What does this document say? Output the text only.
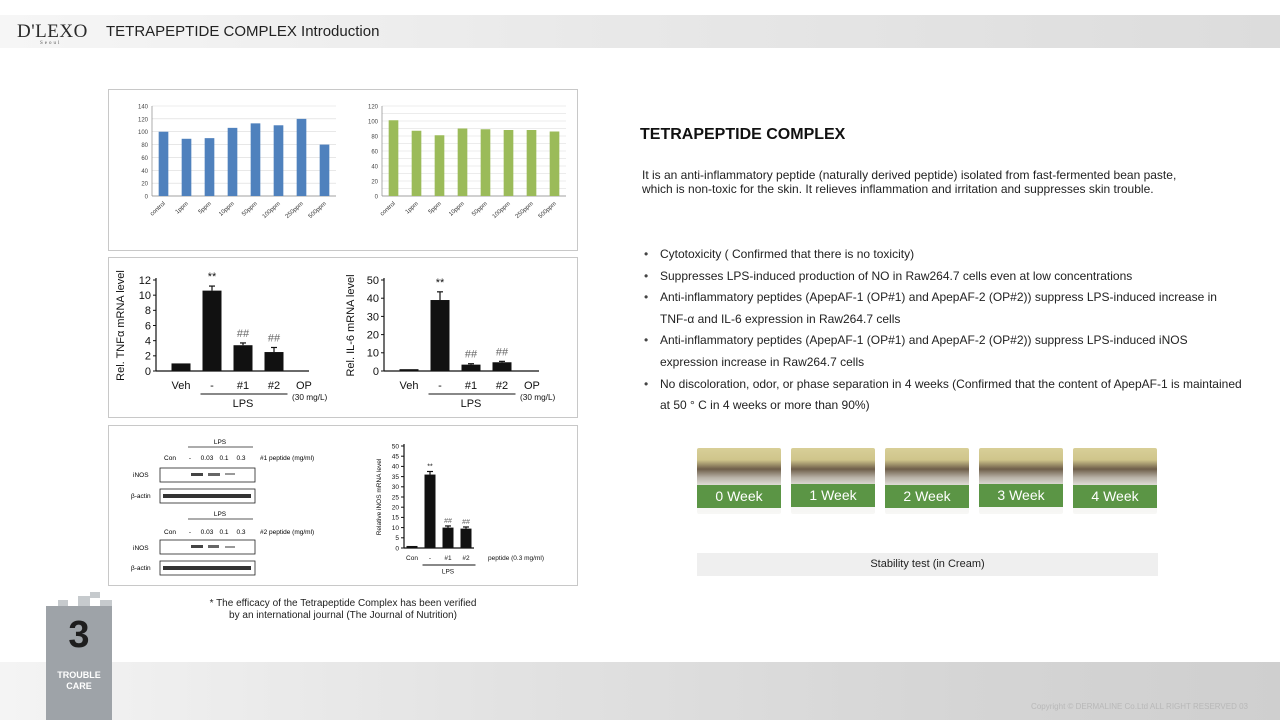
D'LEXO
Seoul
TETRAPEPTIDE COMPLEX Introduction
0
20
40
60
80
100
120
140
control 1ppm 5ppm 10ppm 50ppm 100ppm 250ppm 500ppm
0
20
40
60
80
100
120
control 1ppm 5ppm 10ppm 50ppm 100ppm 250ppm 500ppm
0
2
4
6
8
10
12
Rel. TNFα mRNA level
Veh
**
-
##
#1
##
#2
LPS
OP
(30 mg/L)
0
10
20
30
40
50
Rel. IL-6 mRNA level
Veh
**
-
##
#1
##
#2
LPS
OP
(30 mg/L)
LPS
Con - 0.03 0.1 0.3 #1 peptide (mg/ml)
iNOS
β-actin
LPS
Con - 0.03 0.1 0.3 #2 peptide (mg/ml)
iNOS
β-actin
0
5
10
15
20
25
30
35
40
45
50
Relative iNOS mRNA level
Con
**
-
##
#1
##
#2
LPS
peptide (0.3 mg/ml)
* The efficacy of the Tetrapeptide Complex has been verified
by an international journal (The Journal of Nutrition)
Copyright © DERMALINE Co.Ltd ALL RIGHT RESERVED 03
3
TROUBLE
CARE
TETRAPEPTIDE COMPLEX
It is an anti-inflammatory peptide (naturally derived peptide) isolated from fast-fermented bean paste, which is non-toxic for the skin. It relieves inflammation and irritation and suppresses skin trouble.
• Cytotoxicity ( Confirmed that there is no toxicity)
• Suppresses LPS-induced production of NO in Raw264.7 cells even at low concentrations
• Anti-inflammatory peptides (ApepAF-1 (OP#1) and ApepAF-2 (OP#2)) suppress LPS-induced increase in TNF-α and IL-6 expression in Raw264.7 cells
• Anti-inflammatory peptides (ApepAF-1 (OP#1) and ApepAF-2 (OP#2)) suppress LPS-induced iNOS expression increase in Raw264.7 cells
• No discoloration, odor, or phase separation in 4 weeks (Confirmed that the content of ApepAF-1 is maintained at 50 ° C in 4 weeks or more than 90%)
0 Week	1 Week	2 Week	3 Week	4 Week
Stability test (in Cream)
